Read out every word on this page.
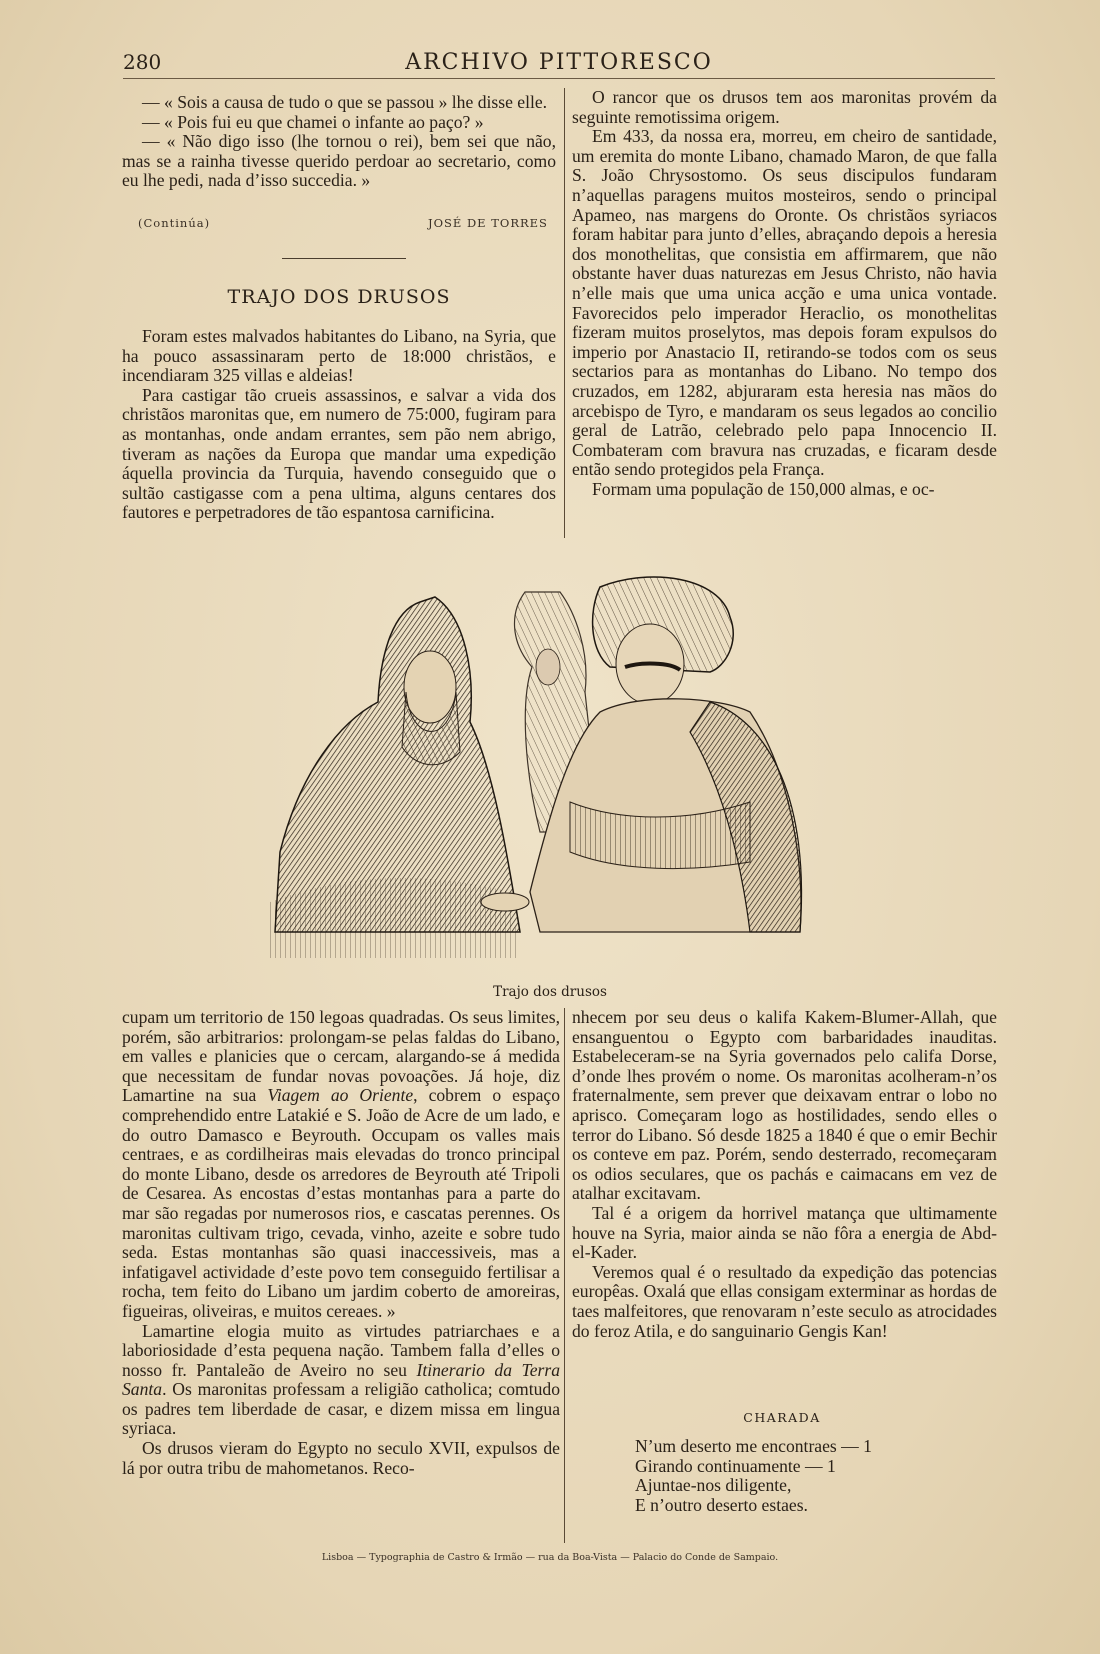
280	ARCHIVO PITTORESCO

— « Sois a causa de tudo o que se passou » lhe disse elle.

— « Pois fui eu que chamei o infante ao paço? »

— « Não digo isso (lhe tornou o rei), bem sei que não, mas se a rainha tivesse querido perdoar ao secretario, como eu lhe pedi, nada d’isso succedia. »

(Continúa)	JOSÉ DE TORRES
TRAJO DOS DRUSOS

Foram estes malvados habitantes do Libano, na Syria, que ha pouco assassinaram perto de 18:000 christãos, e incendiaram 325 villas e aldeias!

Para castigar tão crueis assassinos, e salvar a vida dos christãos maronitas que, em numero de 75:000, fugiram para as montanhas, onde andam errantes, sem pão nem abrigo, tiveram as nações da Europa que mandar uma expedição áquella provincia da Turquia, havendo conseguido que o sultão castigasse com a pena ultima, alguns centares dos fautores e perpetradores de tão espantosa carnificina.

O rancor que os drusos tem aos maronitas provém da seguinte remotissima origem.

Em 433, da nossa era, morreu, em cheiro de santidade, um eremita do monte Libano, chamado Maron, de que falla S. João Chrysostomo. Os seus discipulos fundaram n’aquellas paragens muitos mosteiros, sendo o principal Apameo, nas margens do Oronte. Os christãos syriacos foram habitar para junto d’elles, abraçando depois a heresia dos monothelitas, que consistia em affirmarem, que não obstante haver duas naturezas em Jesus Christo, não havia n’elle mais que uma unica acção e uma unica vontade. Favorecidos pelo imperador Heraclio, os monothelitas fizeram muitos proselytos, mas depois foram expulsos do imperio por Anastacio II, retirando-se todos com os seus sectarios para as montanhas do Libano. No tempo dos cruzados, em 1282, abjuraram esta heresia nas mãos do arcebispo de Tyro, e mandaram os seus legados ao concilio geral de Latrão, celebrado pelo papa Innocencio II. Combateram com bravura nas cruzadas, e ficaram desde então sendo protegidos pela França.

Formam uma população de 150,000 almas, e oc-

Trajo dos drusos

cupam um territorio de 150 legoas quadradas. Os seus limites, porém, são arbitrarios: prolongam-se pelas faldas do Libano, em valles e planicies que o cercam, alargando-se á medida que necessitam de fundar novas povoações. Já hoje, diz Lamartine na sua Viagem ao Oriente, cobrem o espaço comprehendido entre Latakié e S. João de Acre de um lado, e do outro Damasco e Beyrouth. Occupam os valles mais centraes, e as cordilheiras mais elevadas do tronco principal do monte Libano, desde os arredores de Beyrouth até Tripoli de Cesarea. As encostas d’estas montanhas para a parte do mar são regadas por numerosos rios, e cascatas perennes. Os maronitas cultivam trigo, cevada, vinho, azeite e sobre tudo seda. Estas montanhas são quasi inaccessiveis, mas a infatigavel actividade d’este povo tem conseguido fertilisar a rocha, tem feito do Libano um jardim coberto de amoreiras, figueiras, oliveiras, e muitos cereaes. »

Lamartine elogia muito as virtudes patriarchaes e a laboriosidade d’esta pequena nação. Tambem falla d’elles o nosso fr. Pantaleão de Aveiro no seu Itinerario da Terra Santa. Os maronitas professam a religião catholica; comtudo os padres tem liberdade de casar, e dizem missa em lingua syriaca.

Os drusos vieram do Egypto no seculo XVII, expulsos de lá por outra tribu de mahometanos. Reco-

nhecem por seu deus o kalifa Kakem-Blumer-Allah, que ensanguentou o Egypto com barbaridades inauditas. Estabeleceram-se na Syria governados pelo califa Dorse, d’onde lhes provém o nome. Os maronitas acolheram-n’os fraternalmente, sem prever que deixavam entrar o lobo no aprisco. Começaram logo as hostilidades, sendo elles o terror do Libano. Só desde 1825 a 1840 é que o emir Bechir os conteve em paz. Porém, sendo desterrado, recomeçaram os odios seculares, que os pachás e caimacans em vez de atalhar excitavam.

Tal é a origem da horrivel matança que ultimamente houve na Syria, maior ainda se não fôra a energia de Abd-el-Kader.

Veremos qual é o resultado da expedição das potencias europêas. Oxalá que ellas consigam exterminar as hordas de taes malfeitores, que renovaram n’este seculo as atrocidades do feroz Atila, e do sanguinario Gengis Kan!

CHARADA
N’um deserto me encontraes — 1
Girando continuamente — 1
Ajuntae-nos diligente,
E n’outro deserto estaes.
Lisboa — Typographia de Castro & Irmão — rua da Boa-Vista — Palacio do Conde de Sampaio.
